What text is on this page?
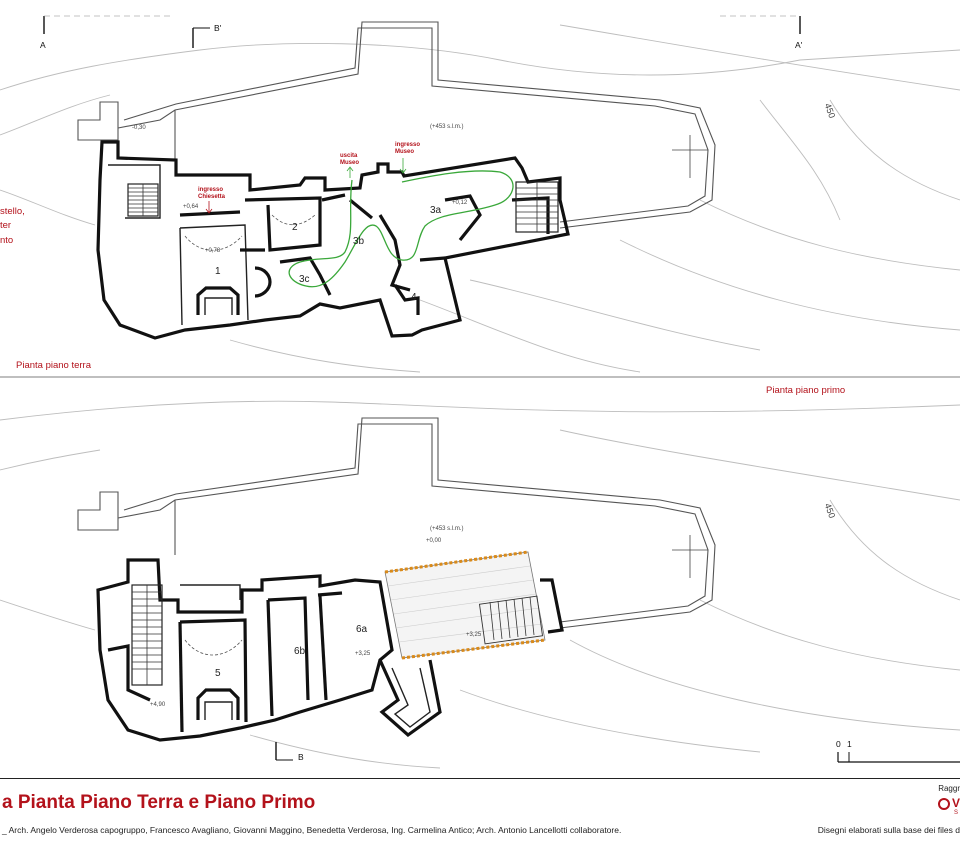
A	A'
B'
B
stello,
ter
nto
1
2
3a
3b
3c
4
-0,30
+0,64
+0,78
+0,12
(+453 s.l.m.)
450
ingresso
Chiesetta
uscita
Museo
ingresso
Museo
Pianta piano terra
Pianta piano primo
5
6a
6b
(+453 s.l.m.)
+0,00
+4,90
+3,25
+3,25
450
0 1
a Pianta Piano Terra e Piano Primo
_ Arch. Angelo Verderosa capogruppo, Francesco Avagliano, Giovanni Maggino, Benedetta Verderosa, Ing. Carmelina Antico; Arch. Antonio Lancellotti collaboratore.
Raggr
V
S
Disegni elaborati sulla base dei files d
